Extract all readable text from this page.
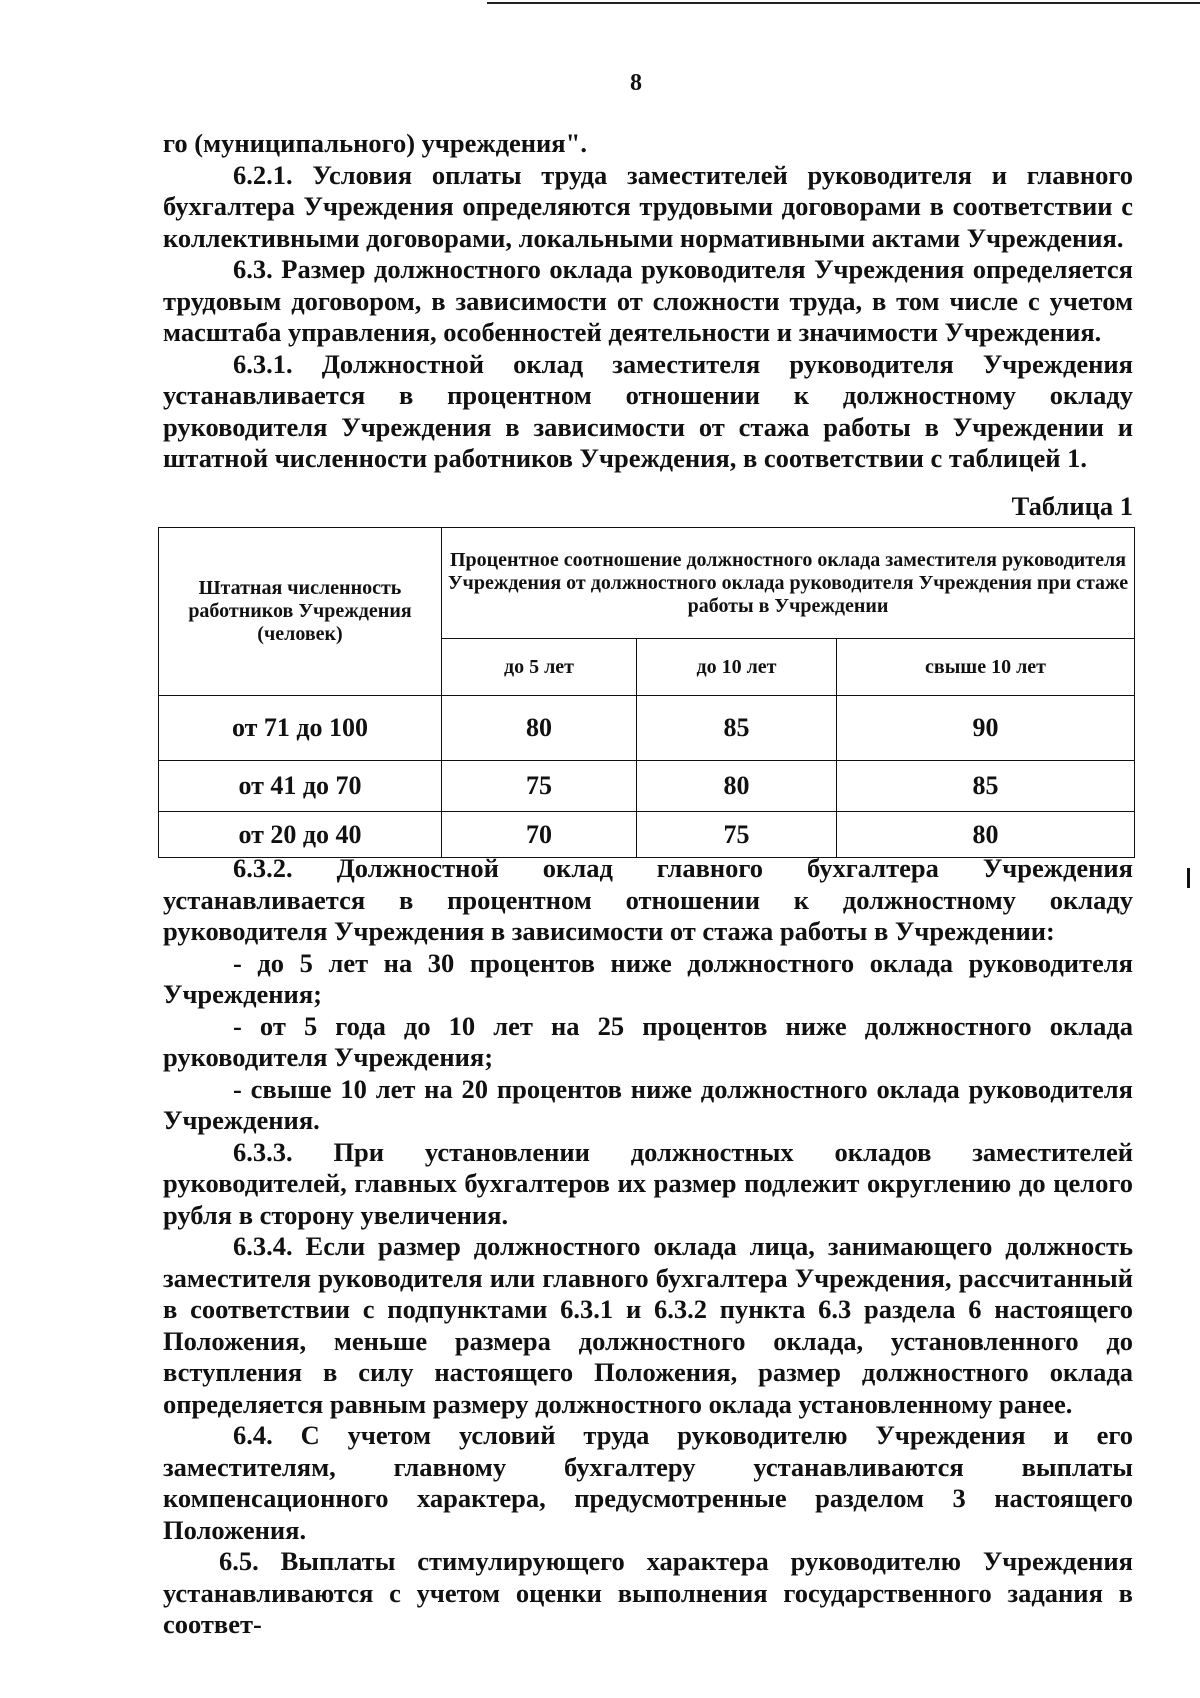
8

го (муниципального) учреждения".

6.2.1. Условия оплаты труда заместителей руководителя и главного бухгалтера Учреждения определяются трудовыми договорами в соответствии с коллективными договорами, локальными нормативными актами Учреждения.

6.3. Размер должностного оклада руководителя Учреждения определяется трудовым договором, в зависимости от сложности труда, в том числе с учетом масштаба управления, особенностей деятельности и значимости Учреждения.

6.3.1. Должностной оклад заместителя руководителя Учреждения устанавливается в процентном отношении к должностному окладу руководителя Учреждения в зависимости от стажа работы в Учреждении и штатной численности работников Учреждения, в соответствии с таблицей 1.

Таблица 1
Штатная численность работников Учреждения (человек)	Процентное соотношение должностного оклада заместителя руководителя Учреждения от должностного оклада руководителя Учреждения при стаже работы в Учреждении		
	до 5 лет	до 10 лет	свыше 10 лет
от 71 до 100	80	85	90
от 41 до 70	75	80	85
от 20 до 40	70	75	80

6.3.2. Должностной оклад главного бухгалтера Учреждения устанавливается в процентном отношении к должностному окладу руководителя Учреждения в зависимости от стажа работы в Учреждении:

- до 5 лет на 30 процентов ниже должностного оклада руководителя Учреждения;

- от 5 года до 10 лет на 25 процентов ниже должностного оклада руководителя Учреждения;

- свыше 10 лет на 20 процентов ниже должностного оклада руководителя Учреждения.

6.3.3. При установлении должностных окладов заместителей руководителей, главных бухгалтеров их размер подлежит округлению до целого рубля в сторону увеличения.

6.3.4. Если размер должностного оклада лица, занимающего должность заместителя руководителя или главного бухгалтера Учреждения, рассчитанный в соответствии с подпунктами 6.3.1 и 6.3.2 пункта 6.3 раздела 6 настоящего Положения, меньше размера должностного оклада, установленного до вступления в силу настоящего Положения, размер должностного оклада определяется равным размеру должностного оклада установленному ранее.

6.4. С учетом условий труда руководителю Учреждения и его заместителям, главному бухгалтеру устанавливаются выплаты компенсационного характера, предусмотренные разделом 3 настоящего Положения.

6.5. Выплаты стимулирующего характера руководителю Учреждения устанавливаются с учетом оценки выполнения государственного задания в соответ-
